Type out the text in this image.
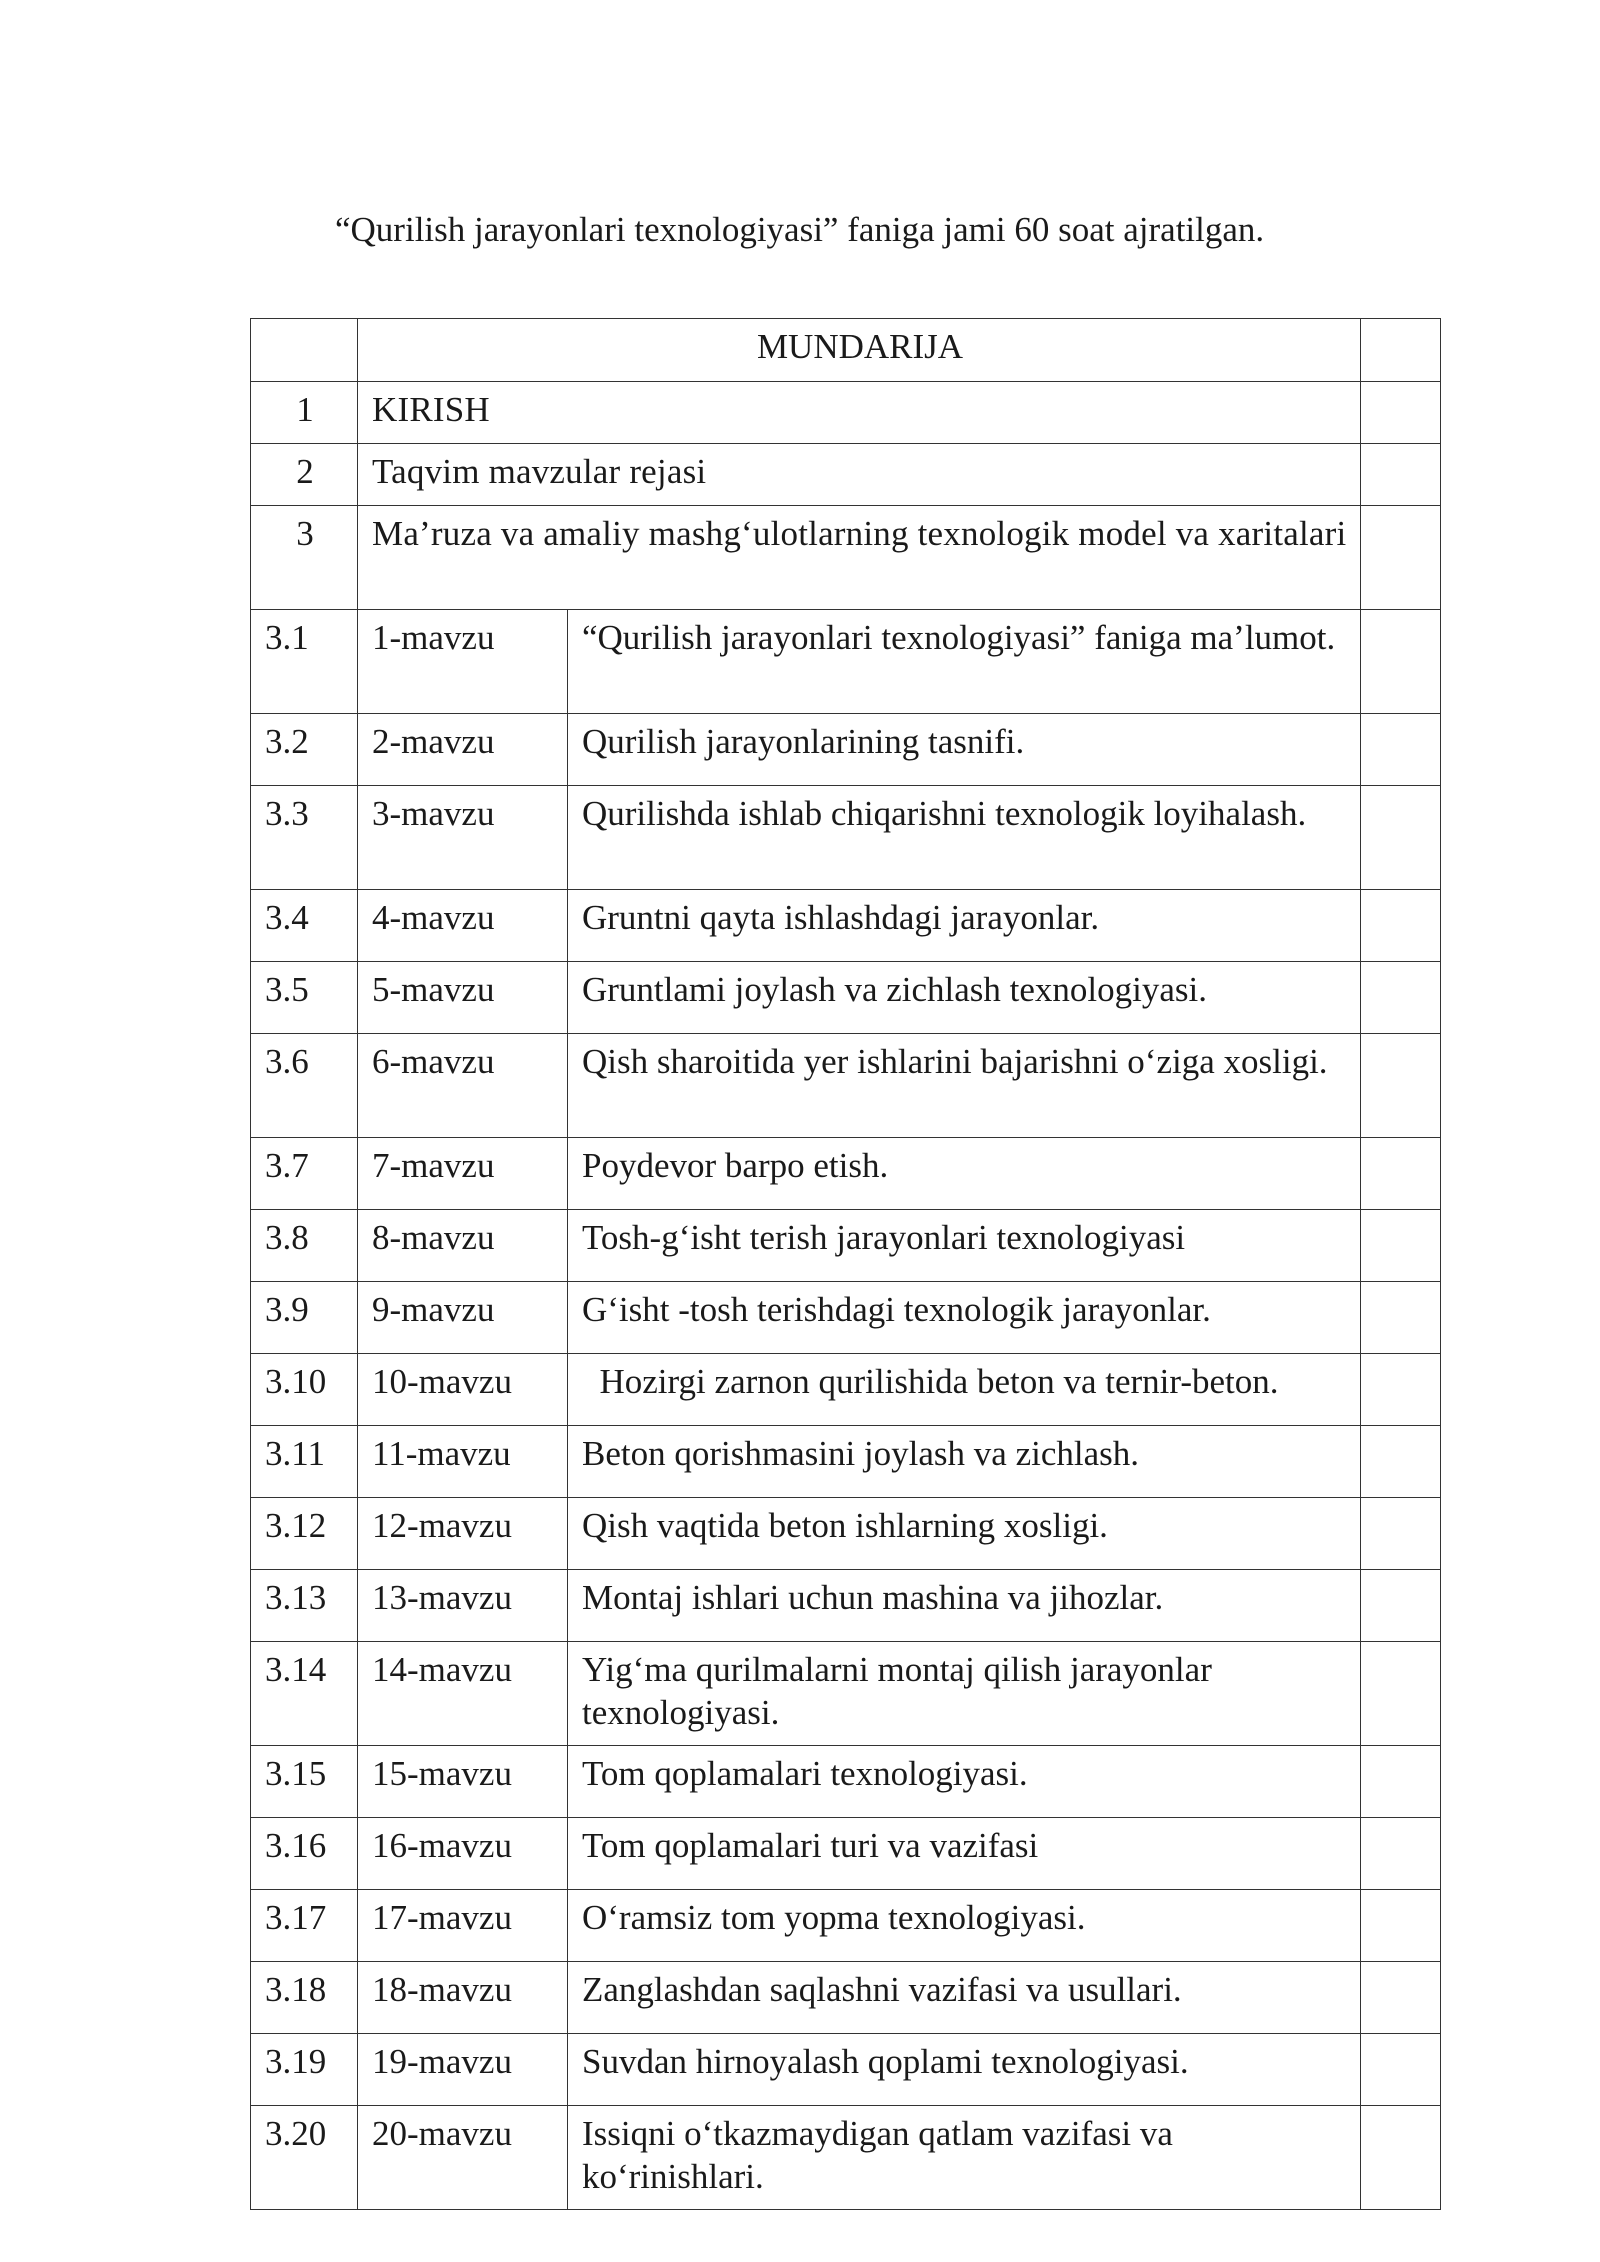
“Qurilish jarayonlari texnologiyasi” faniga jami 60 soat ajratilgan.
	MUNDARIJA		
1	KIRISH		
2	Taqvim mavzular rejasi		
3	Ma’ruza va amaliy mashg‘ulotlarning texnologik model va xaritalari		
3.1	1-mavzu	“Qurilish jarayonlari texnologiyasi” faniga ma’lumot.	
3.2	2-mavzu	Qurilish jarayonlarining tasnifi.	
3.3	3-mavzu	Qurilishda ishlab chiqarishni texnologik loyihalash.	
3.4	4-mavzu	Gruntni qayta ishlashdagi jarayonlar.	
3.5	5-mavzu	Gruntlami joylash va zichlash texnologiyasi.	
3.6	6-mavzu	Qish sharoitida yer ishlarini bajarishni o‘ziga xosligi.	
3.7	7-mavzu	Poydevor barpo etish.	
3.8	8-mavzu	Tosh-g‘isht terish jarayonlari texnologiyasi	
3.9	9-mavzu	G‘isht -tosh terishdagi texnologik jarayonlar.	
3.10	10-mavzu	Hozirgi zarnon qurilishida beton va ternir-beton.	
3.11	11-mavzu	Beton qorishmasini joylash va zichlash.	
3.12	12-mavzu	Qish vaqtida beton ishlarning xosligi.	
3.13	13-mavzu	Montaj ishlari uchun mashina va jihozlar.	
3.14	14-mavzu	Yig‘ma qurilmalarni montaj qilish jarayonlar texnologiyasi.	
3.15	15-mavzu	Tom qoplamalari texnologiyasi.	
3.16	16-mavzu	Tom qoplamalari turi va vazifasi	
3.17	17-mavzu	O‘ramsiz tom yopma texnologiyasi.	
3.18	18-mavzu	Zanglashdan saqlashni vazifasi va usullari.	
3.19	19-mavzu	Suvdan hirnoyalash qoplami texnologiyasi.	
3.20	20-mavzu	Issiqni o‘tkazmaydigan qatlam vazifasi va ko‘rinishlari.	
